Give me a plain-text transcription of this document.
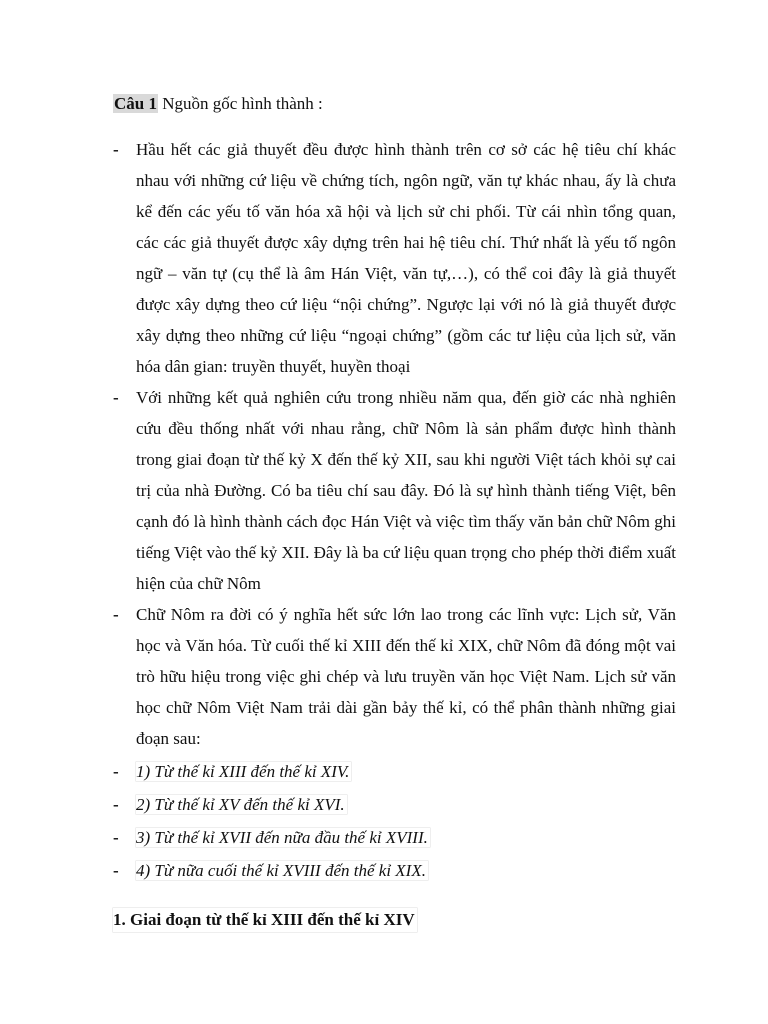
Câu 1 Nguồn gốc hình thành :
-	Hầu hết các giả thuyết đều được hình thành trên cơ sở các hệ tiêu chí khác nhau với những cứ liệu về chứng tích, ngôn ngữ, văn tự khác nhau, ấy là chưa kể đến các yếu tố văn hóa xã hội và lịch sử chi phối. Từ cái nhìn tổng quan, các các giả thuyết được xây dựng trên hai hệ tiêu chí. Thứ nhất là yếu tố ngôn ngữ – văn tự (cụ thể là âm Hán Việt, văn tự,…), có thể coi đây là giả thuyết được xây dựng theo cứ liệu “nội chứng”. Ngược lại với nó là giả thuyết được xây dựng theo những cứ liệu “ngoại chứng” (gồm các tư liệu của lịch sử, văn hóa dân gian: truyền thuyết, huyền thoại
-	Với những kết quả nghiên cứu trong nhiều năm qua, đến giờ các nhà nghiên cứu đều thống nhất với nhau rằng, chữ Nôm là sản phẩm được hình thành trong giai đoạn từ thế kỷ X đến thế kỷ XII, sau khi người Việt tách khỏi sự cai trị của nhà Đường. Có ba tiêu chí sau đây. Đó là sự hình thành tiếng Việt, bên cạnh đó là hình thành cách đọc Hán Việt và việc tìm thấy văn bản chữ Nôm ghi tiếng Việt vào thế kỷ XII. Đây là ba cứ liệu quan trọng cho phép thời điểm xuất hiện của chữ Nôm
-	Chữ Nôm ra đời có ý nghĩa hết sức lớn lao trong các lĩnh vực: Lịch sử, Văn học và Văn hóa. Từ cuối thế kỉ XIII đến thế kỉ XIX, chữ Nôm đã đóng một vai trò hữu hiệu trong việc ghi chép và lưu truyền văn học Việt Nam. Lịch sử văn học chữ Nôm Việt Nam trải dài gần bảy thế kỉ, có thể phân thành những giai đoạn sau:
-	1) Từ thế kỉ XIII đến thế kỉ XIV.
-	2) Từ thế kỉ XV đến thế kỉ XVI.
-	3) Từ thế kỉ XVII đến nữa đầu thế kỉ XVIII.
-	4) Từ nữa cuối thế kỉ XVIII đến thế kỉ XIX.
1. Giai đoạn từ thế kỉ XIII đến thế kỉ XIV
